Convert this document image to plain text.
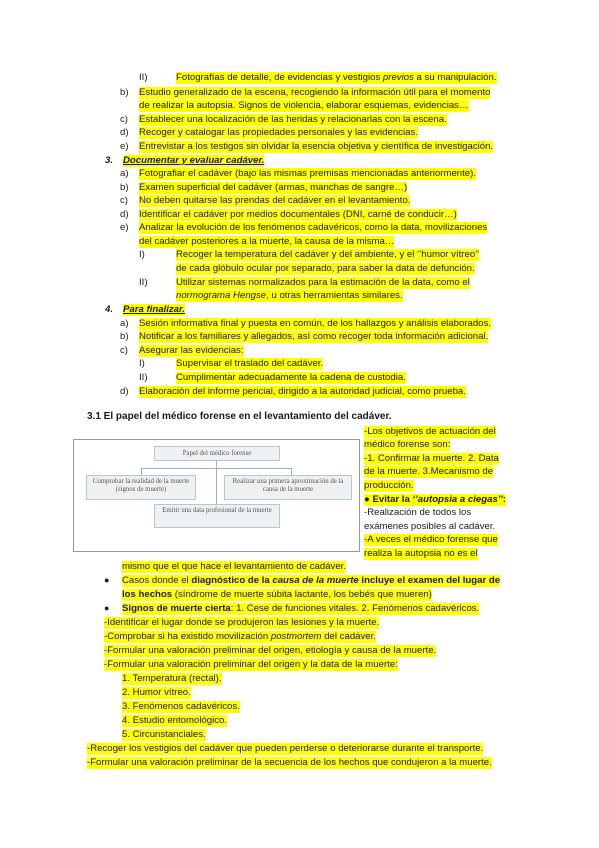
II)	Fotografías de detalle, de evidencias y vestigios previos a su manipulación.
b) Estudio generalizado de la escena, recogiendo la información útil para el momento
de realizar la autopsia. Signos de violencia, elaborar esquemas, evidencias…
c) Establecer una localización de las heridas y relacionarlas con la escena.
d) Recoger y catalogar las propiedades personales y las evidencias.
e) Entrevistar a los testigos sin olvidar la esencia objetiva y científica de investigación.
3. Documentar y evaluar cadáver.
a) Fotografiar el cadáver (bajo las mismas premisas mencionadas anteriormente).
b) Examen superficial del cadáver (armas, manchas de sangre…)
c) No deben quitarse las prendas del cadáver en el levantamiento.
d) Identificar el cadáver por medios documentales (DNI, carné de conducir…)
e) Analizar la evolución de los fenómenos cadavéricos, como la data, movilizaciones
del cadáver posteriores a la muerte, la causa de la misma…
I)	Recoger la temperatura del cadáver y del ambiente, y el ‘’humor vítreo’’
de cada glóbulo ocular por separado, para saber la data de defunción.
II)	Utilizar sistemas normalizados para la estimación de la data, como el
normograma Hengse, u otras herramientas similares.
4. Para finalizar.
a) Sesión informativa final y puesta en común, de los hallazgos y análisis elaborados.
b) Notificar a los familiares y allegados, así como recoger toda información adicional.
c) Asegurar las evidencias:
I)	Supervisar el traslado del cadáver.
II)	Cumplimentar adecuadamente la cadena de custodia.
d) Elaboración del informe pericial, dirigido a la autoridad judicial, como prueba.
3.1 El papel del médico forense en el levantamiento del cadáver.
Papel del médico forense
Comprobar la realidad de la muerte (signos de muerte)
Realizar una primera aproximación de la causa de la muerte
Emitir una data profesional de la muerte
-Los objetivos de actuación del
médico forense son:
-1. Confirmar la muerte. 2. Data
de la muerte. 3.Mecanismo de
producción.
● Evitar la ‘’autopsia a ciegas’’:
-Realización de todos los
exámenes posibles al cadáver.
-A veces el médico forense que
realiza la autopsia no es el
mismo que el que hace el levantamiento de cadáver.
● Casos donde el diagnóstico de la causa de la muerte incluye el examen del lugar de
los hechos (síndrome de muerte súbita lactante, los bebés que mueren)
● Signos de muerte cierta: 1. Cese de funciones vitales. 2. Fenómenos cadavéricos.
-Identificar el lugar donde se produjeron las lesiones y la muerte.
-Comprobar si ha existido movilización postmortem del cadáver.
-Formular una valoración preliminar del origen, etiología y causa de la muerte.
-Formular una valoración preliminar del origen y la data de la muerte:
1. Temperatura (rectal).
2. Humor vítreo.
3. Fenómenos cadavéricos.
4. Estudio entomológico.
5. Circunstanciales.
-Recoger los vestigios del cadáver que pueden perderse o deteriorarse durante el transporte.
-Formular una valoración preliminar de la secuencia de los hechos que condujeron a la muerte.
